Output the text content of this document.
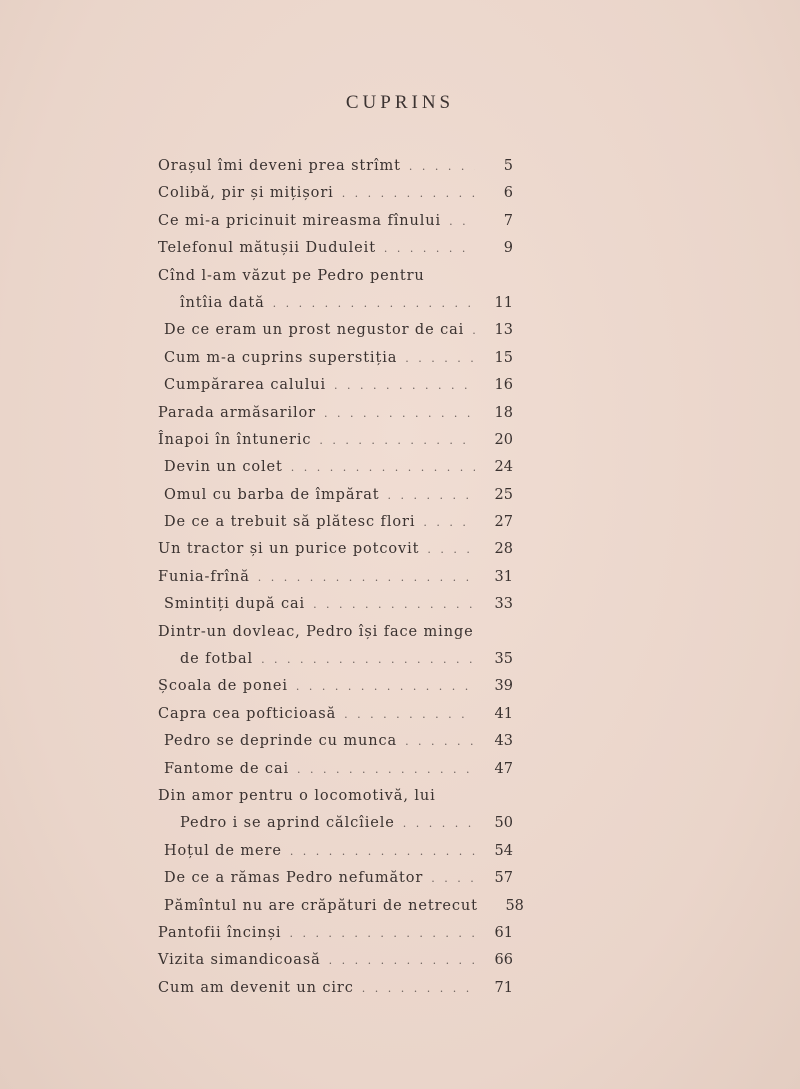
CUPRINS
Orașul îmi deveni prea strîmt . . .	5
Colibă, pir și mițișori . . .	6
Ce mi-a pricinuit mireasma fînului . . .	7
Telefonul mătușii Duduleit . . .	9
Cînd l-am văzut pe Pedro pentru
întîia dată . . .	11
De ce eram un prost negustor de cai . . .	13
Cum m-a cuprins superstiția . . .	15
Cumpărarea calului . . .	16
Parada armăsarilor . . .	18
Înapoi în întuneric . . .	20
Devin un colet . . .	24
Omul cu barba de împărat . . .	25
De ce a trebuit să plătesc flori . . .	27
Un tractor și un purice potcovit . . .	28
Funia-frînă . . .	31
Smintiți după cai . . .	33
Dintr-un dovleac, Pedro își face minge
de fotbal . . .	35
Școala de ponei . . .	39
Capra cea pofticioasă . . .	41
Pedro se deprinde cu munca . . .	43
Fantome de cai . . .	47
Din amor pentru o locomotivă, lui
Pedro i se aprind călcîiele . . .	50
Hoțul de mere . . .	54
De ce a rămas Pedro nefumător . . .	57
Pămîntul nu are crăpături de netrecut	58
Pantofii încinși . . .	61
Vizita simandicoasă . . .	66
Cum am devenit un circ . . .	71
